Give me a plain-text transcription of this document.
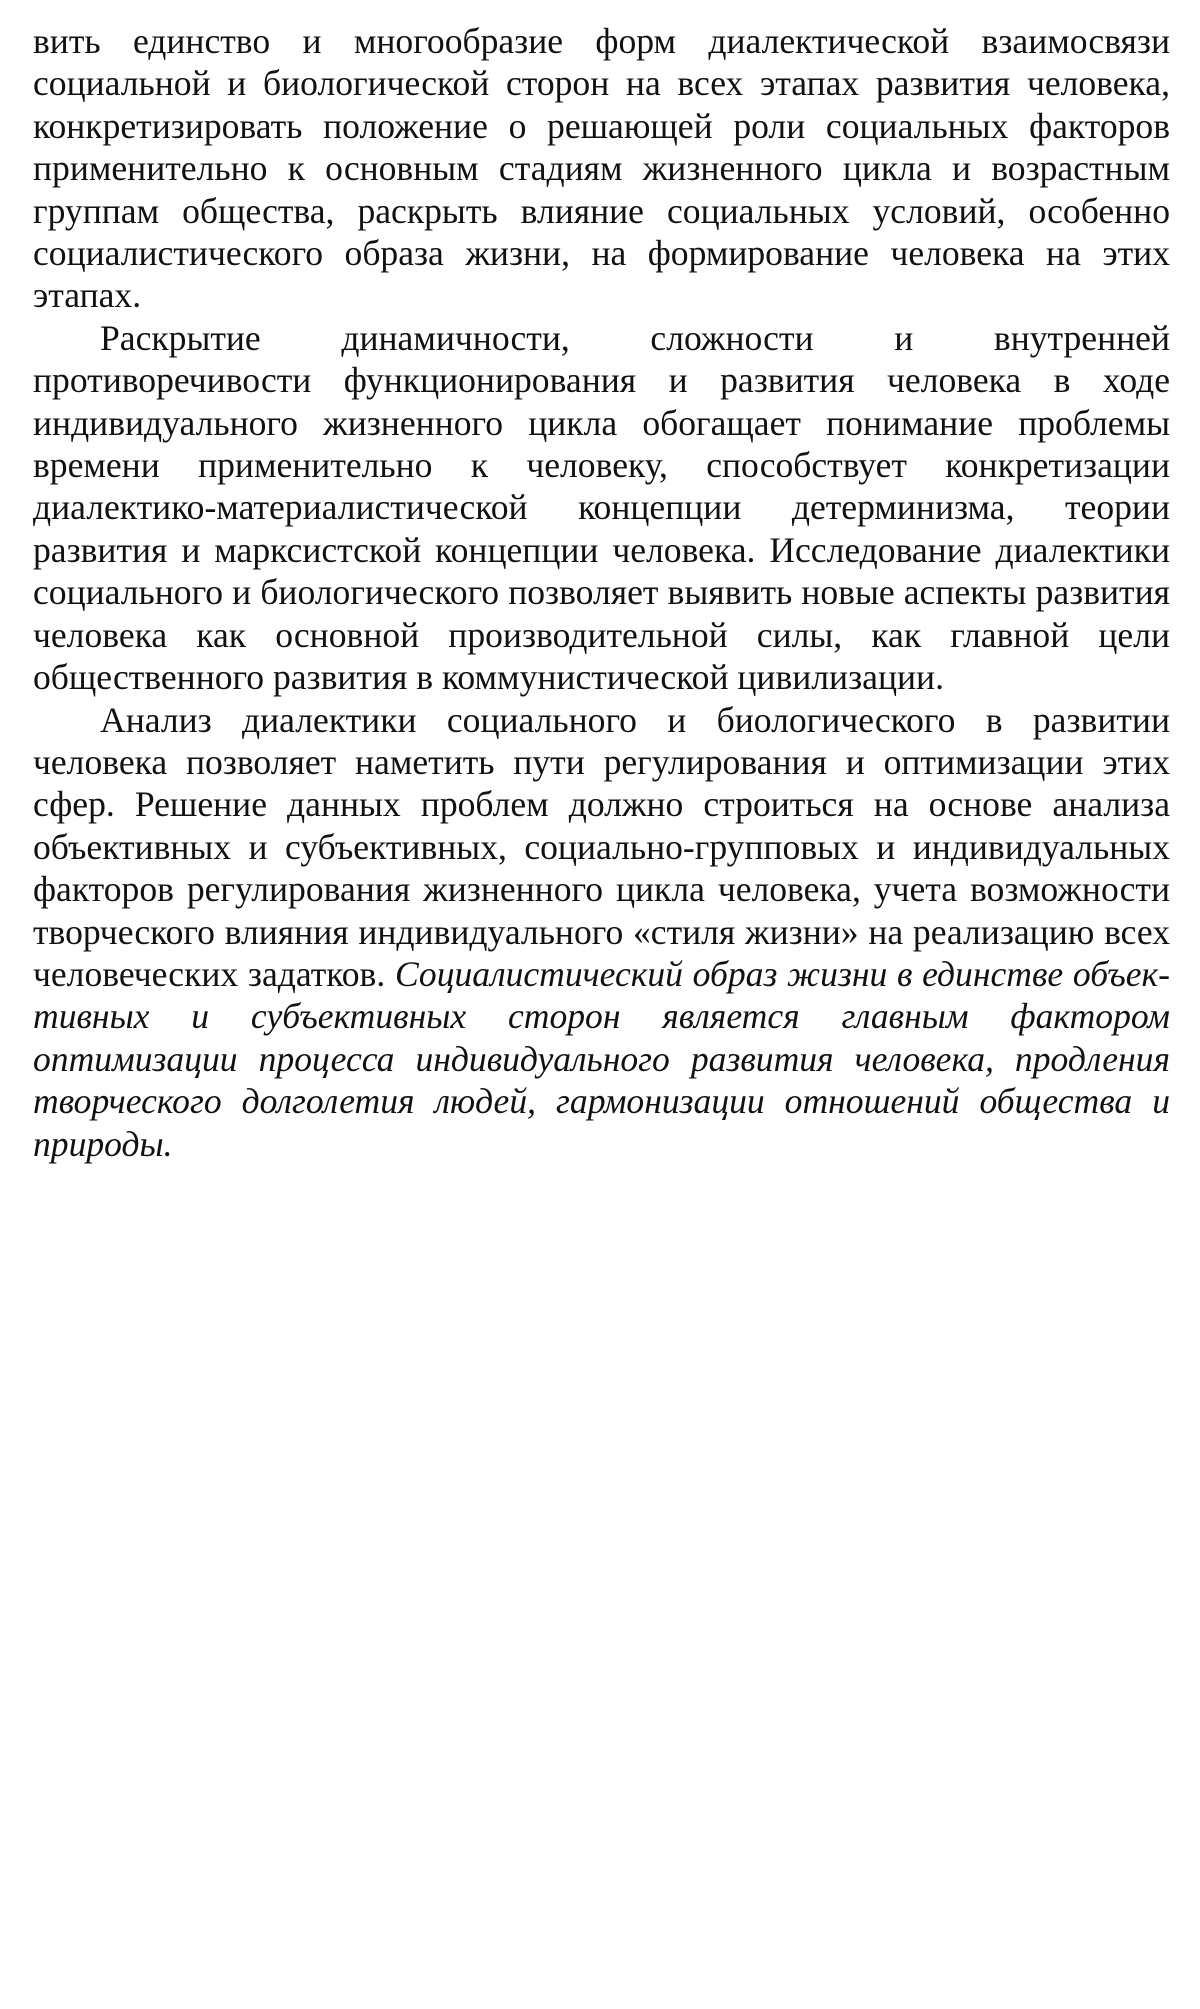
вить единство и многообразие форм диалектической взаимосвязи социальной и биологической сторон на всех этапах развития человека, конкретизировать положение о решающей роли социальных факторов применительно к основным стадиям жизненного цикла и возрастным группам общества, раскрыть влияние социальных условий, особенно социалистического образа жизни, на формирование человека на этих этапах.

Раскрытие динамичности, сложности и внутренней противоречивости функционирования и развития человека в ходе индивидуального жизненного цикла обогащает понимание проблемы времени применительно к человеку, способствует конкретизации диалектико-материалистической концепции детерминизма, теории развития и марксистской концепции человека. Исследование диалектики социального и биологического позволяет выявить новые аспекты развития человека как основной производительной силы, как главной цели общественного развития в коммунистической цивилизации.

Анализ диалектики социального и биологического в развитии человека позволяет наметить пути регулирования и оптимизации этих сфер. Решение данных проблем должно строиться на основе анализа объективных и субъективных, социально-групповых и индивидуальных факторов регулирования жизненного цикла человека, учета возможности творческого влияния индивидуального «стиля жизни» на реализацию всех человеческих задатков. Социалистический образ жизни в единстве объективных и субъективных сторон является главным фактором оптимизации процесса индивидуального развития человека, продления творческого долголетия людей, гармонизации отношений общества и природы.
